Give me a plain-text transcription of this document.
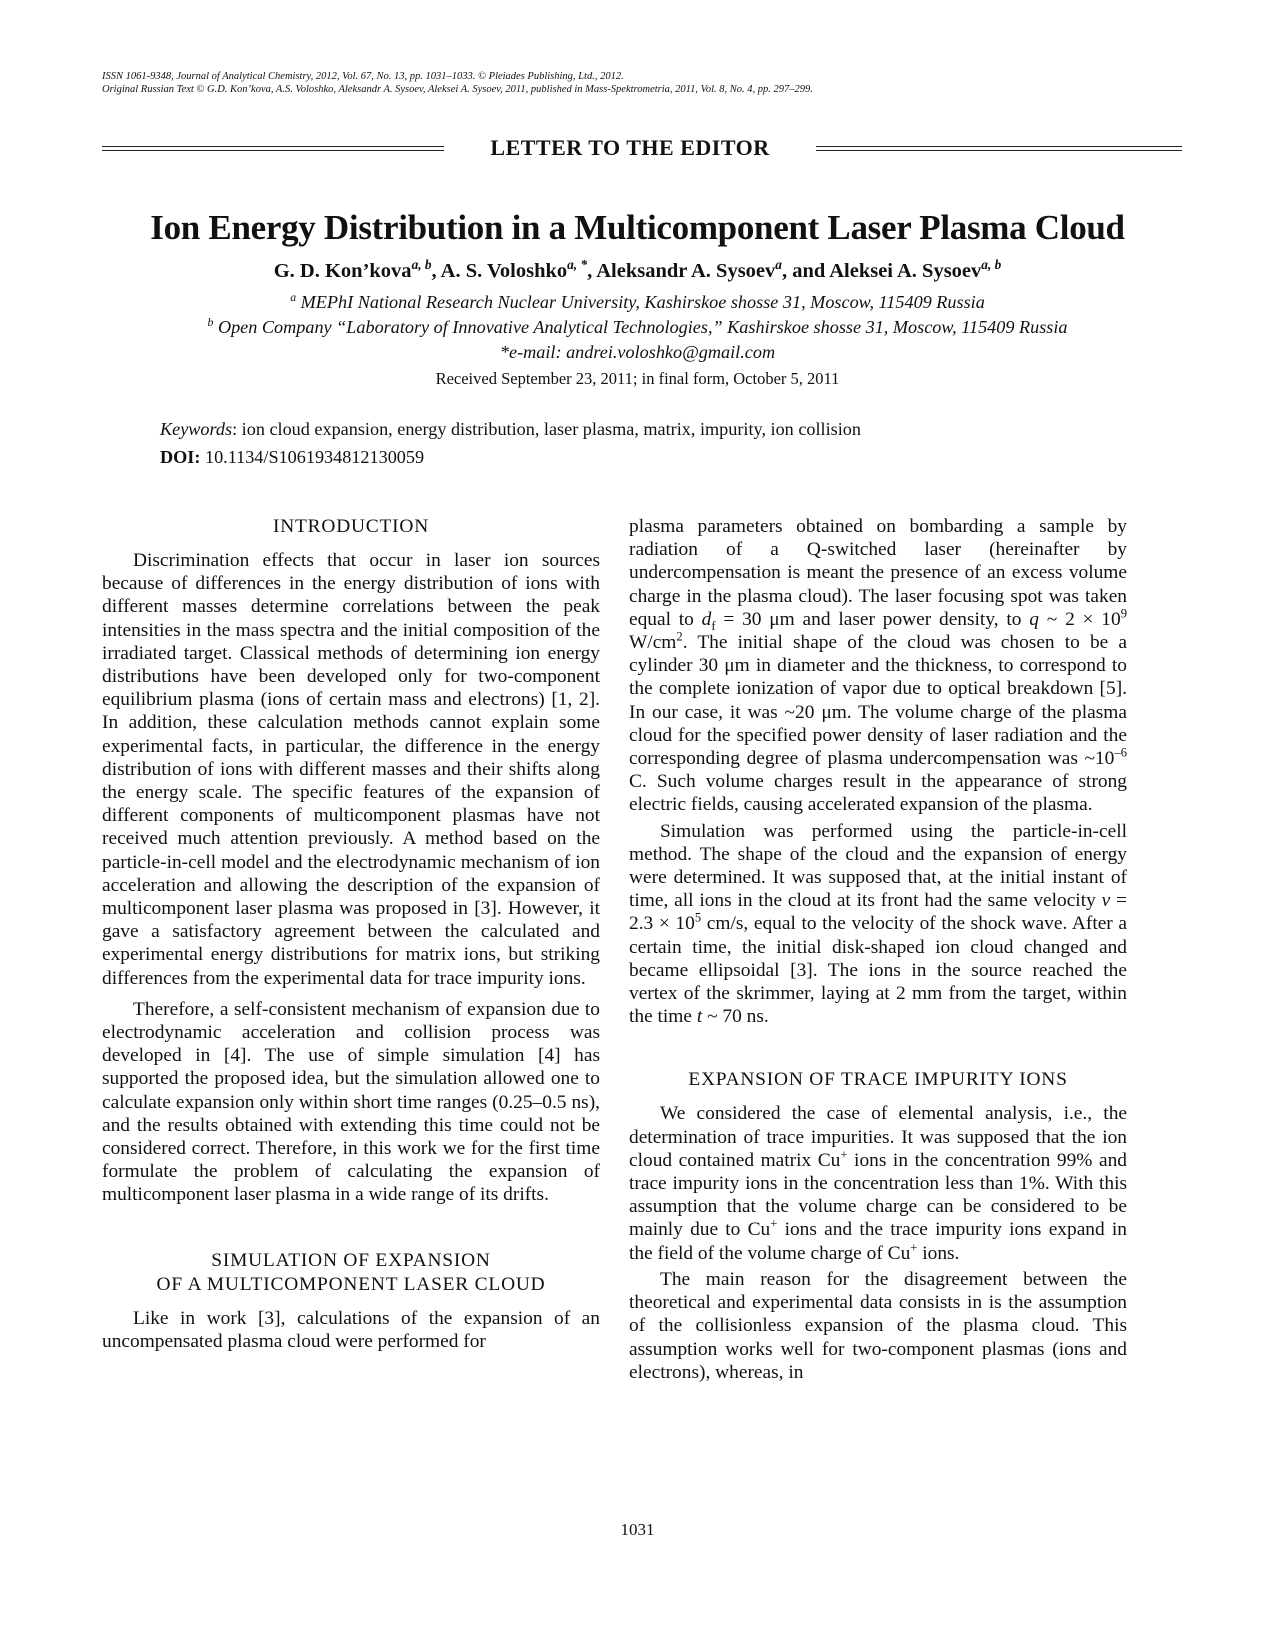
ISSN 1061-9348, Journal of Analytical Chemistry, 2012, Vol. 67, No. 13, pp. 1031–1033. © Pleiades Publishing, Ltd., 2012.
Original Russian Text © G.D. Kon’kova, A.S. Voloshko, Aleksandr A. Sysoev, Aleksei A. Sysoev, 2011, published in Mass-Spektrometria, 2011, Vol. 8, No. 4, pp. 297–299.
LETTER TO THE EDITOR
Ion Energy Distribution in a Multicomponent Laser Plasma Cloud
G. D. Kon’kova$^{a, b}$, A. S. Voloshko$^{a, *}$, Aleksandr A. Sysoev$^a$, and Aleksei A. Sysoev$^{a, b}$
$^a$ MEPhI National Research Nuclear University, Kashirskoe shosse 31, Moscow, 115409 Russia
$^b$ Open Company “Laboratory of Innovative Analytical Technologies,” Kashirskoe shosse 31, Moscow, 115409 Russia
*e-mail: andrei.voloshko@gmail.com
Received September 23, 2011; in final form, October 5, 2011
Keywords: ion cloud expansion, energy distribution, laser plasma, matrix, impurity, ion collision
DOI: 10.1134/S1061934812130059
INTRODUCTION

Discrimination effects that occur in laser ion sources because of differences in the energy distribution of ions with different masses determine correlations between the peak intensities in the mass spectra and the initial composition of the irradiated target. Classical methods of determining ion energy distributions have been developed only for two-component equilibrium plasma (ions of certain mass and electrons) [1, 2]. In addition, these calculation methods cannot explain some experimental facts, in particular, the difference in the energy distribution of ions with different masses and their shifts along the energy scale. The specific features of the expansion of different components of multicomponent plasmas have not received much attention previously. A method based on the particle-in-cell model and the electrodynamic mechanism of ion acceleration and allowing the description of the expansion of multicomponent laser plasma was proposed in [3]. However, it gave a satisfactory agreement between the calculated and experimental energy distributions for matrix ions, but striking differences from the experimental data for trace impurity ions.

Therefore, a self-consistent mechanism of expansion due to electrodynamic acceleration and collision process was developed in [4]. The use of simple simulation [4] has supported the proposed idea, but the simulation allowed one to calculate expansion only within short time ranges (0.25–0.5 ns), and the results obtained with extending this time could not be considered correct. Therefore, in this work we for the first time formulate the problem of calculating the expansion of multicomponent laser plasma in a wide range of its drifts.

SIMULATION OF EXPANSION
OF A MULTICOMPONENT LASER CLOUD

Like in work [3], calculations of the expansion of an uncompensated plasma cloud were performed for

plasma parameters obtained on bombarding a sample by radiation of a Q-switched laser (hereinafter by undercompensation is meant the presence of an excess volume charge in the plasma cloud). The laser focusing spot was taken equal to $d_f = 30$ μm and laser power density, to q ~ $2 \times 10^9$ $W/cm^2$. The initial shape of the cloud was chosen to be a cylinder 30 μm in diameter and the thickness, to correspond to the complete ionization of vapor due to optical breakdown [5]. In our case, it was ~20 μm. The volume charge of the plasma cloud for the specified power density of laser radiation and the corresponding degree of plasma undercompensation was $\sim 10^{-6}$ C. Such volume charges result in the appearance of strong electric fields, causing accelerated expansion of the plasma.

Simulation was performed using the particle-in-cell method. The shape of the cloud and the expansion of energy were determined. It was supposed that, at the initial instant of time, all ions in the cloud at its front had the same velocity $v = 2.3 \times 10^5$ cm/s, equal to the velocity of the shock wave. After a certain time, the initial disk-shaped ion cloud changed and became ellipsoidal [3]. The ions in the source reached the vertex of the skrimmer, laying at 2 mm from the target, within the time t ~ 70 ns.

EXPANSION OF TRACE IMPURITY IONS

We considered the case of elemental analysis, i.e., the determination of trace impurities. It was supposed that the ion cloud contained matrix Cu+ ions in the concentration 99% and trace impurity ions in the concentration less than 1%. With this assumption that the volume charge can be considered to be mainly due to Cu+ ions and the trace impurity ions expand in the field of the volume charge of Cu+ ions.

The main reason for the disagreement between the theoretical and experimental data consists in is the assumption of the collisionless expansion of the plasma cloud. This assumption works well for two-component plasmas (ions and electrons), whereas, in

1031
